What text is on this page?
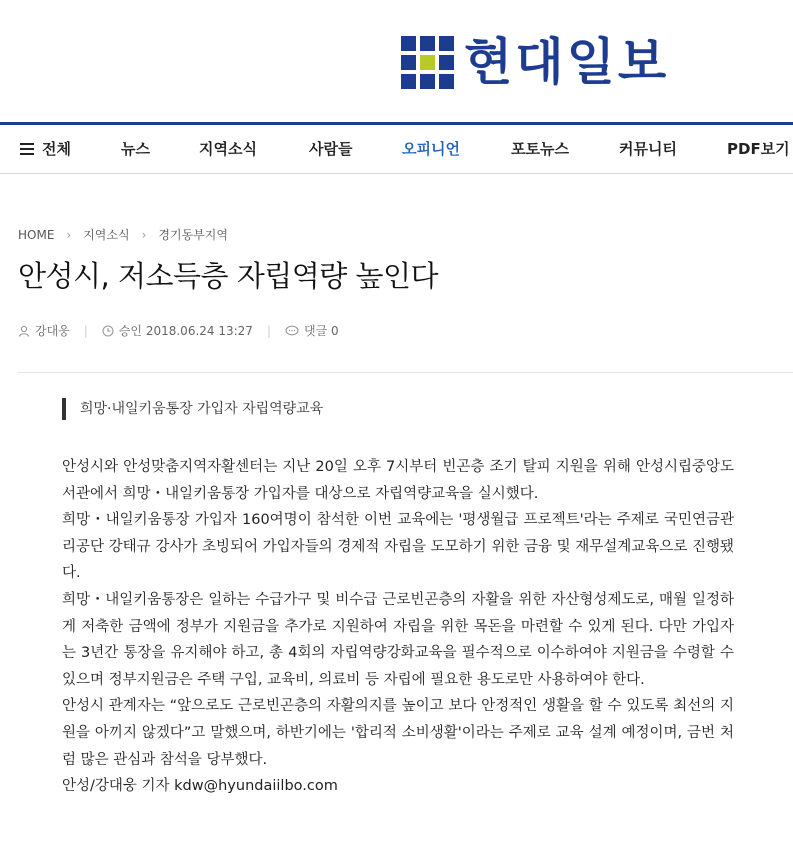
현대일보
전체	뉴스	지역소식	사람들	오피니언	포토뉴스	커뮤니티	PDF보기
HOME › 지역소식 › 경기동부지역
안성시, 저소득층 자립역량 높인다
강대웅 |	승인 2018.06.24 13:27 |	댓글 0
희망·내일키움통장 가입자 자립역량교육

안성시와 안성맞춤지역자활센터는 지난 20일 오후 7시부터 빈곤층 조기 탈피 지원을 위해 안성시립중앙도서관에서 희망・내일키움통장 가입자를 대상으로 자립역량교육을 실시했다.

희망・내일키움통장 가입자 160여명이 참석한 이번 교육에는 '평생월급 프로젝트'라는 주제로 국민연금관리공단 강태규 강사가 초빙되어 가입자들의 경제적 자립을 도모하기 위한 금융 및 재무설계교육으로 진행됐다.

희망・내일키움통장은 일하는 수급가구 및 비수급 근로빈곤층의 자활을 위한 자산형성제도로, 매월 일정하게 저축한 금액에 정부가 지원금을 추가로 지원하여 자립을 위한 목돈을 마련할 수 있게 된다. 다만 가입자는 3년간 통장을 유지해야 하고, 총 4회의 자립역량강화교육을 필수적으로 이수하여야 지원금을 수령할 수 있으며 정부지원금은 주택 구입, 교육비, 의료비 등 자립에 필요한 용도로만 사용하여야 한다.

안성시 관계자는 “앞으로도 근로빈곤층의 자활의지를 높이고 보다 안정적인 생활을 할 수 있도록 최선의 지원을 아끼지 않겠다”고 말했으며, 하반기에는 '합리적 소비생활'이라는 주제로 교육 설계 예정이며, 금번 처럼 많은 관심과 참석을 당부했다.

안성/강대웅 기자 kdw@hyundaiilbo.com
